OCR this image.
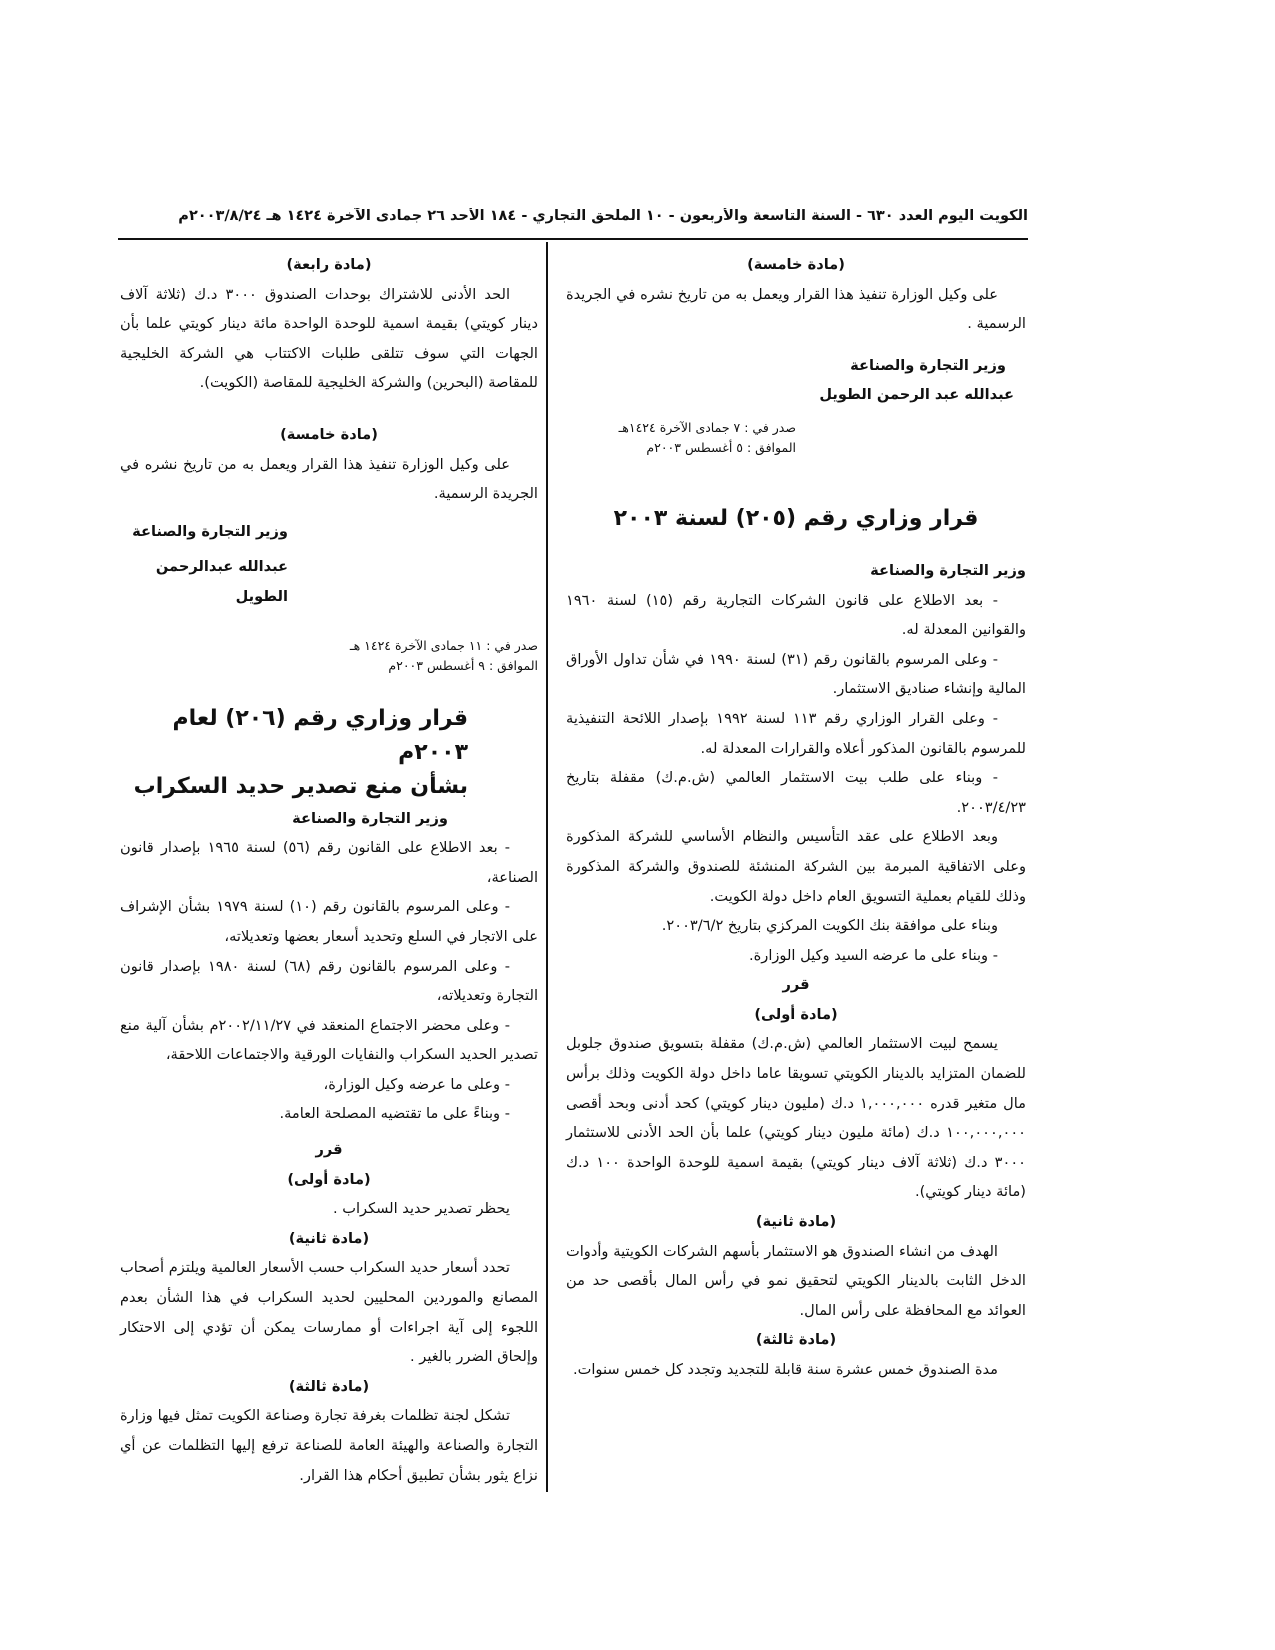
الكويت اليوم العدد ٦٣٠ - السنة التاسعة والأربعون - ١٠ الملحق التجاري - ١٨٤ الأحد ٢٦ جمادى الآخرة ١٤٢٤ هـ ٢٠٠٣/٨/٢٤م

(مادة خامسة)

على وكيل الوزارة تنفيذ هذا القرار ويعمل به من تاريخ نشره في الجريدة الرسمية .

وزير التجارة والصناعة

عبدالله عبد الرحمن الطويل

صدر في : ٧ جمادى الآخرة ١٤٢٤هـ

الموافق : ٥ أغسطس ٢٠٠٣م

قرار وزاري رقم (٢٠٥) لسنة ٢٠٠٣

وزير التجارة والصناعة

- بعد الاطلاع على قانون الشركات التجارية رقم (١٥) لسنة ١٩٦٠ والقوانين المعدلة له.

- وعلى المرسوم بالقانون رقم (٣١) لسنة ١٩٩٠ في شأن تداول الأوراق المالية وإنشاء صناديق الاستثمار.

- وعلى القرار الوزاري رقم ١١٣ لسنة ١٩٩٢ بإصدار اللائحة التنفيذية للمرسوم بالقانون المذكور أعلاه والقرارات المعدلة له.

- وبناء على طلب بيت الاستثمار العالمي (ش.م.ك) مقفلة بتاريخ ٢٠٠٣/٤/٢٣.

وبعد الاطلاع على عقد التأسيس والنظام الأساسي للشركة المذكورة وعلى الاتفاقية المبرمة بين الشركة المنشئة للصندوق والشركة المذكورة وذلك للقيام بعملية التسويق العام داخل دولة الكويت.

وبناء على موافقة بنك الكويت المركزي بتاريخ ٢٠٠٣/٦/٢.

- وبناء على ما عرضه السيد وكيل الوزارة.

قرر

(مادة أولى)

يسمح لبيت الاستثمار العالمي (ش.م.ك) مقفلة بتسويق صندوق جلوبل للضمان المتزايد بالدينار الكويتي تسويقا عاما داخل دولة الكويت وذلك برأس مال متغير قدره ١,٠٠٠,٠٠٠ د.ك (مليون دينار كويتي) كحد أدنى وبحد أقصى ١٠٠,٠٠٠,٠٠٠ د.ك (مائة مليون دينار كويتي) علما بأن الحد الأدنى للاستثمار ٣٠٠٠ د.ك (ثلاثة آلاف دينار كويتي) بقيمة اسمية للوحدة الواحدة ١٠٠ د.ك (مائة دينار كويتي).

(مادة ثانية)

الهدف من انشاء الصندوق هو الاستثمار بأسهم الشركات الكويتية وأدوات الدخل الثابت بالدينار الكويتي لتحقيق نمو في رأس المال بأقصى حد من العوائد مع المحافظة على رأس المال.

(مادة ثالثة)

مدة الصندوق خمس عشرة سنة قابلة للتجديد وتجدد كل خمس سنوات.

(مادة رابعة)

الحد الأدنى للاشتراك بوحدات الصندوق ٣٠٠٠ د.ك (ثلاثة آلاف دينار كويتي) بقيمة اسمية للوحدة الواحدة مائة دينار كويتي علما بأن الجهات التي سوف تتلقى طلبات الاكتتاب هي الشركة الخليجية للمقاصة (البحرين) والشركة الخليجية للمقاصة (الكويت).

(مادة خامسة)

على وكيل الوزارة تنفيذ هذا القرار ويعمل به من تاريخ نشره في الجريدة الرسمية.

وزير التجارة والصناعة

عبدالله عبدالرحمن الطويل

صدر في : ١١ جمادى الآخرة ١٤٢٤ هـ

الموافق : ٩ أغسطس ٢٠٠٣م

قرار وزاري رقم (٢٠٦) لعام ٢٠٠٣م

بشأن منع تصدير حديد السكراب

وزير التجارة والصناعة

- بعد الاطلاع على القانون رقم (٥٦) لسنة ١٩٦٥ بإصدار قانون الصناعة،

- وعلى المرسوم بالقانون رقم (١٠) لسنة ١٩٧٩ بشأن الإشراف على الاتجار في السلع وتحديد أسعار بعضها وتعديلاته،

- وعلى المرسوم بالقانون رقم (٦٨) لسنة ١٩٨٠ بإصدار قانون التجارة وتعديلاته،

- وعلى محضر الاجتماع المنعقد في ٢٠٠٢/١١/٢٧م بشأن آلية منع تصدير الحديد السكراب والنفايات الورقية والاجتماعات اللاحقة،

- وعلى ما عرضه وكيل الوزارة،

- وبناءً على ما تقتضيه المصلحة العامة.

قرر

(مادة أولى)

يحظر تصدير حديد السكراب .

(مادة ثانية)

تحدد أسعار حديد السكراب حسب الأسعار العالمية ويلتزم أصحاب المصانع والموردين المحليين لحديد السكراب في هذا الشأن بعدم اللجوء إلى آية اجراءات أو ممارسات يمكن أن تؤدي إلى الاحتكار وإلحاق الضرر بالغير .

(مادة ثالثة)

تشكل لجنة تظلمات بغرفة تجارة وصناعة الكويت تمثل فيها وزارة التجارة والصناعة والهيئة العامة للصناعة ترفع إليها التظلمات عن أي نزاع يثور بشأن تطبيق أحكام هذا القرار.
